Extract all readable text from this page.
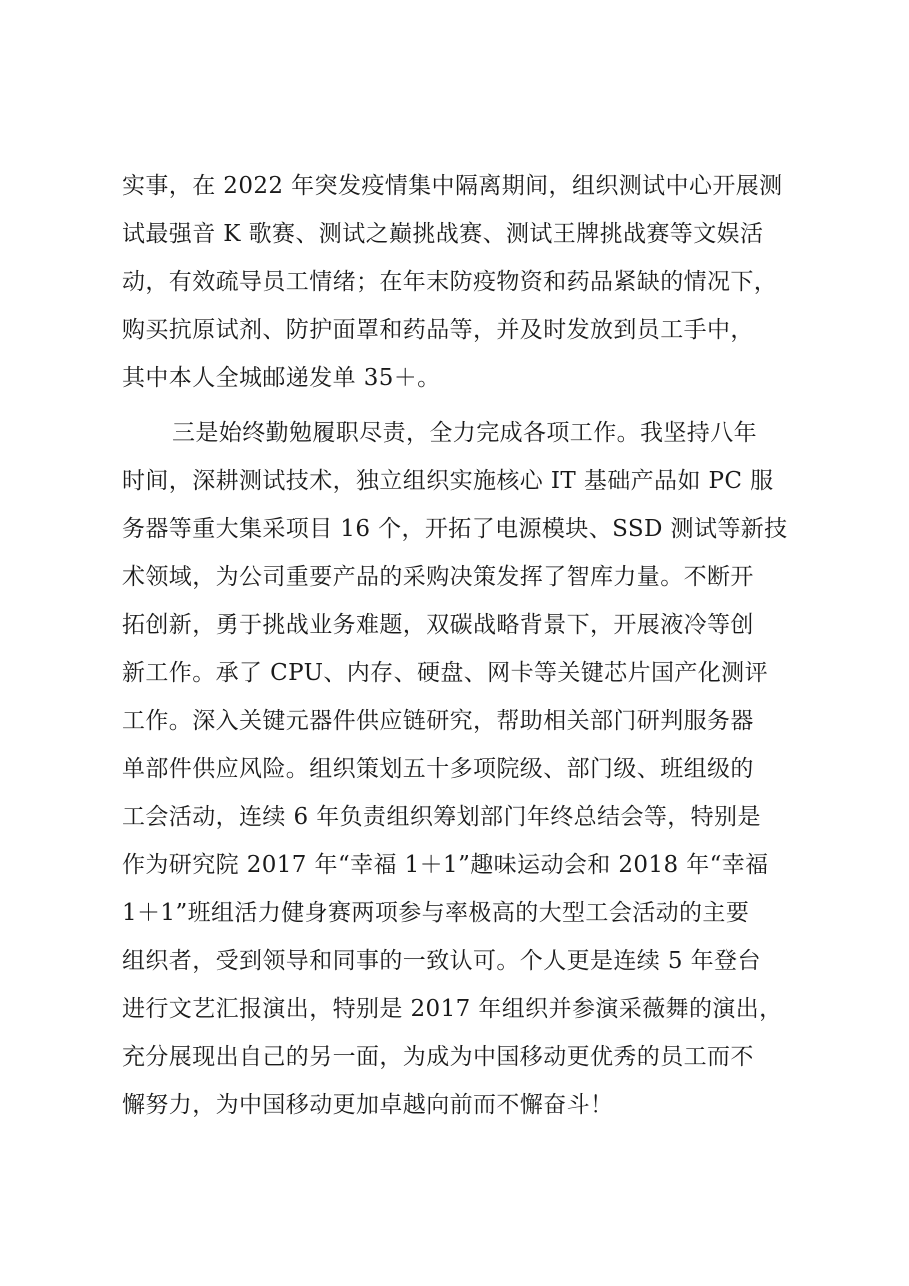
实事，在 2022 年突发疫情集中隔离期间，组织测试中心开展测
试最强音 K 歌赛、测试之巅挑战赛、测试王牌挑战赛等文娱活
动，有效疏导员工情绪；在年末防疫物资和药品紧缺的情况下，
购买抗原试剂、防护面罩和药品等，并及时发放到员工手中，
其中本人全城邮递发单 35＋。
三是始终勤勉履职尽责，全力完成各项工作。我坚持八年
时间，深耕测试技术，独立组织实施核心 IT 基础产品如 PC 服
务器等重大集采项目 16 个，开拓了电源模块、SSD 测试等新技
术领域，为公司重要产品的采购决策发挥了智库力量。不断开
拓创新，勇于挑战业务难题，双碳战略背景下，开展液冷等创
新工作。承了 CPU、内存、硬盘、网卡等关键芯片国产化测评
工作。深入关键元器件供应链研究，帮助相关部门研判服务器
单部件供应风险。组织策划五十多项院级、部门级、班组级的
工会活动，连续 6 年负责组织筹划部门年终总结会等，特别是
作为研究院 2017 年“幸福 1＋1”趣味运动会和 2018 年“幸福
1＋1”班组活力健身赛两项参与率极高的大型工会活动的主要
组织者，受到领导和同事的一致认可。个人更是连续 5 年登台
进行文艺汇报演出，特别是 2017 年组织并参演采薇舞的演出，
充分展现出自己的另一面，为成为中国移动更优秀的员工而不
懈努力，为中国移动更加卓越向前而不懈奋斗！
